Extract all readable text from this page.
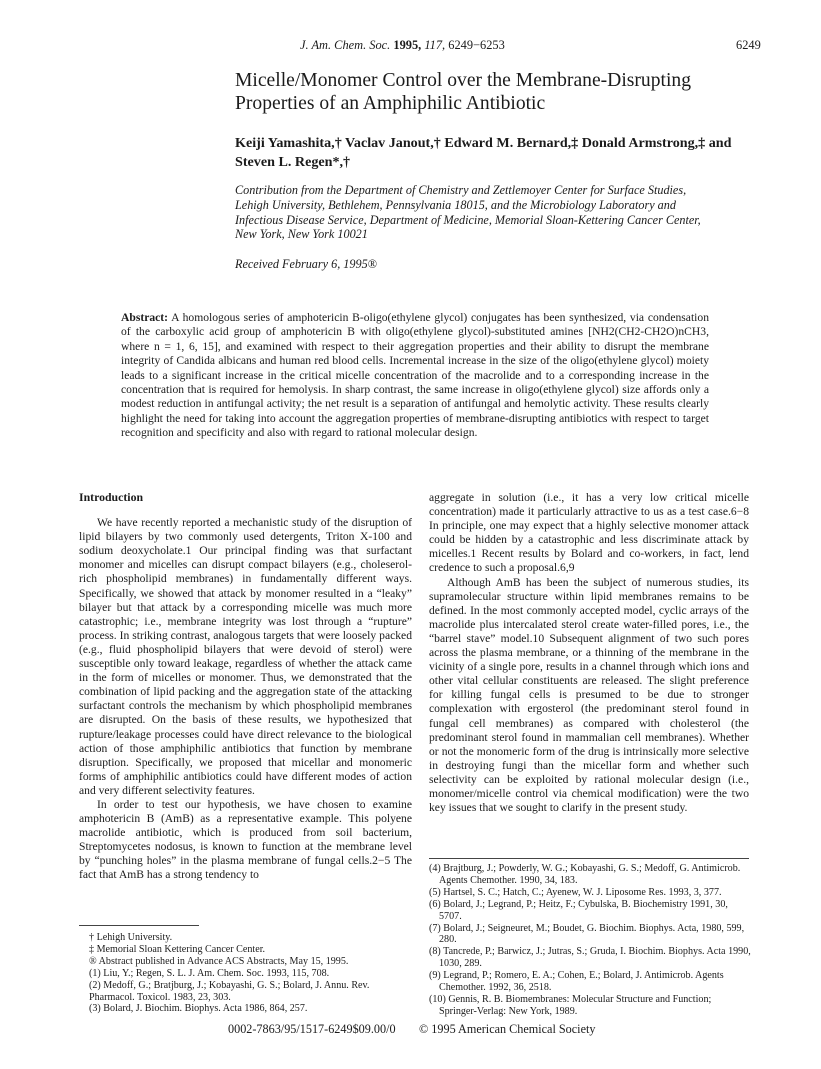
J. Am. Chem. Soc. 1995, 117, 6249−6253	6249
Micelle/Monomer Control over the Membrane-Disrupting
Properties of an Amphiphilic Antibiotic
Keiji Yamashita,† Vaclav Janout,† Edward M. Bernard,‡ Donald Armstrong,‡ and
Steven L. Regen*,†
Contribution from the Department of Chemistry and Zettlemoyer Center for Surface Studies,
Lehigh University, Bethlehem, Pennsylvania 18015, and the Microbiology Laboratory and
Infectious Disease Service, Department of Medicine, Memorial Sloan-Kettering Cancer Center,
New York, New York 10021
Received February 6, 1995®
Abstract: A homologous series of amphotericin B-oligo(ethylene glycol) conjugates has been synthesized, via condensation of the carboxylic acid group of amphotericin B with oligo(ethylene glycol)-substituted amines [NH2(CH2-CH2O)nCH3, where n = 1, 6, 15], and examined with respect to their aggregation properties and their ability to disrupt the membrane integrity of Candida albicans and human red blood cells. Incremental increase in the size of the oligo(ethylene glycol) moiety leads to a significant increase in the critical micelle concentration of the macrolide and to a corresponding increase in the concentration that is required for hemolysis. In sharp contrast, the same increase in oligo(ethylene glycol) size affords only a modest reduction in antifungal activity; the net result is a separation of antifungal and hemolytic activity. These results clearly highlight the need for taking into account the aggregation properties of membrane-disrupting antibiotics with respect to target recognition and specificity and also with regard to rational molecular design.
Introduction

We have recently reported a mechanistic study of the disruption of lipid bilayers by two commonly used detergents, Triton X-100 and sodium deoxycholate.1 Our principal finding was that surfactant monomer and micelles can disrupt compact bilayers (e.g., choleserol-rich phospholipid membranes) in fundamentally different ways. Specifically, we showed that attack by monomer resulted in a “leaky” bilayer but that attack by a corresponding micelle was much more catastrophic; i.e., membrane integrity was lost through a “rupture” process. In striking contrast, analogous targets that were loosely packed (e.g., fluid phospholipid bilayers that were devoid of sterol) were susceptible only toward leakage, regardless of whether the attack came in the form of micelles or monomer. Thus, we demonstrated that the combination of lipid packing and the aggregation state of the attacking surfactant controls the mechanism by which phospholipid membranes are disrupted. On the basis of these results, we hypothesized that rupture/leakage processes could have direct relevance to the biological action of those amphiphilic antibiotics that function by membrane disruption. Specifically, we proposed that micellar and monomeric forms of amphiphilic antibiotics could have different modes of action and very different selectivity features.

In order to test our hypothesis, we have chosen to examine amphotericin B (AmB) as a representative example. This polyene macrolide antibiotic, which is produced from soil bacterium, Streptomycetes nodosus, is known to function at the membrane level by “punching holes” in the plasma membrane of fungal cells.2−5 The fact that AmB has a strong tendency to

aggregate in solution (i.e., it has a very low critical micelle concentration) made it particularly attractive to us as a test case.6−8 In principle, one may expect that a highly selective monomer attack could be hidden by a catastrophic and less discriminate attack by micelles.1 Recent results by Bolard and co-workers, in fact, lend credence to such a proposal.6,9

Although AmB has been the subject of numerous studies, its supramolecular structure within lipid membranes remains to be defined. In the most commonly accepted model, cyclic arrays of the macrolide plus intercalated sterol create water-filled pores, i.e., the “barrel stave” model.10 Subsequent alignment of two such pores across the plasma membrane, or a thinning of the membrane in the vicinity of a single pore, results in a channel through which ions and other vital cellular constituents are released. The slight preference for killing fungal cells is presumed to be due to stronger complexation with ergosterol (the predominant sterol found in fungal cell membranes) as compared with cholesterol (the predominant sterol found in mammalian cell membranes). Whether or not the monomeric form of the drug is intrinsically more selective in destroying fungi than the micellar form and whether such selectivity can be exploited by rational molecular design (i.e., monomer/micelle control via chemical modification) were the two key issues that we sought to clarify in the present study.

† Lehigh University.
‡ Memorial Sloan Kettering Cancer Center.
® Abstract published in Advance ACS Abstracts, May 15, 1995.
(1) Liu, Y.; Regen, S. L. J. Am. Chem. Soc. 1993, 115, 708.
(2) Medoff, G.; Bratjburg, J.; Kobayashi, G. S.; Bolard, J. Annu. Rev. Pharmacol. Toxicol. 1983, 23, 303.
(3) Bolard, J. Biochim. Biophys. Acta 1986, 864, 257.
(4) Brajtburg, J.; Powderly, W. G.; Kobayashi, G. S.; Medoff, G. Antimicrob. Agents Chemother. 1990, 34, 183.
(5) Hartsel, S. C.; Hatch, C.; Ayenew, W. J. Liposome Res. 1993, 3, 377.
(6) Bolard, J.; Legrand, P.; Heitz, F.; Cybulska, B. Biochemistry 1991, 30, 5707.
(7) Bolard, J.; Seigneuret, M.; Boudet, G. Biochim. Biophys. Acta, 1980, 599, 280.
(8) Tancrede, P.; Barwicz, J.; Jutras, S.; Gruda, I. Biochim. Biophys. Acta 1990, 1030, 289.
(9) Legrand, P.; Romero, E. A.; Cohen, E.; Bolard, J. Antimicrob. Agents Chemother. 1992, 36, 2518.
(10) Gennis, R. B. Biomembranes: Molecular Structure and Function; Springer-Verlag: New York, 1989.
0002-7863/95/1517-6249$09.00/0 © 1995 American Chemical Society
